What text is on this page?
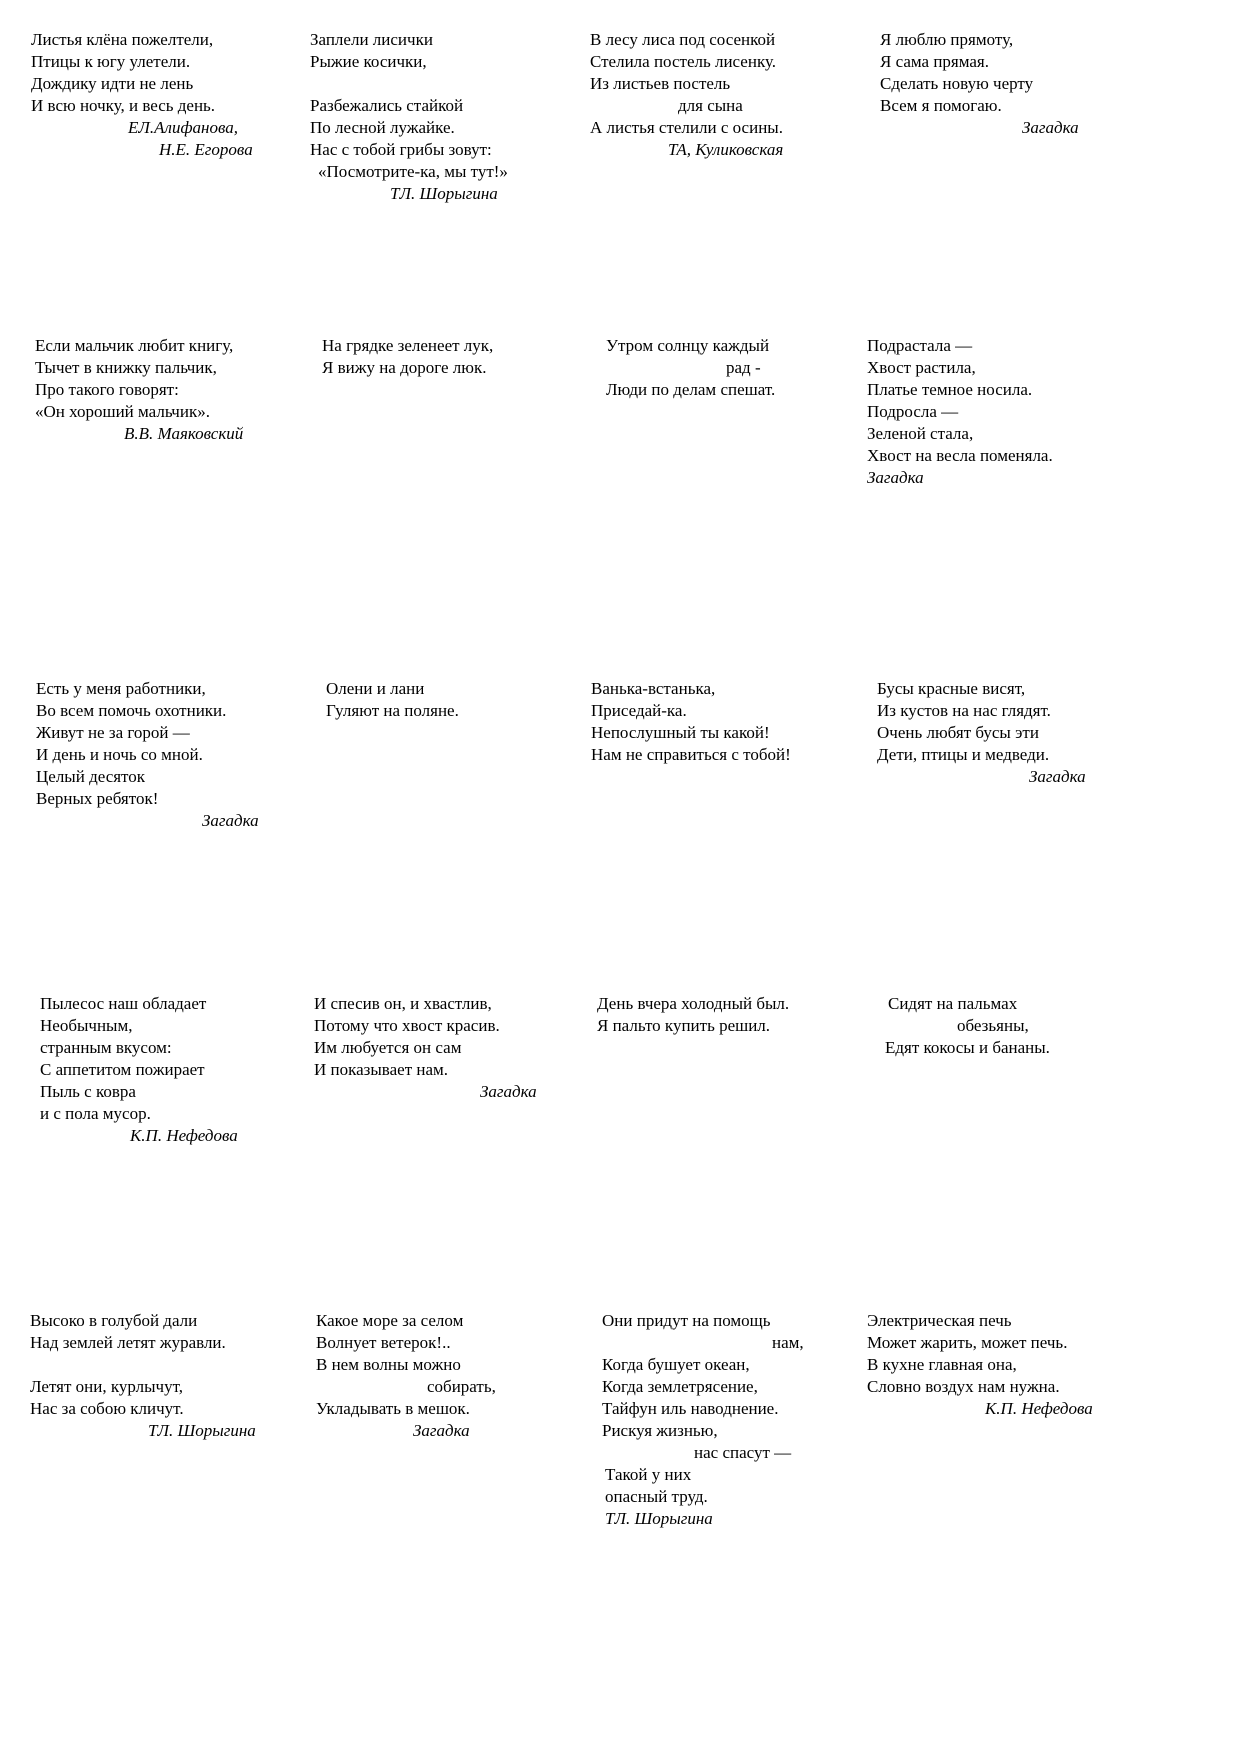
Листья клёна пожелтели,
Птицы к югу улетели.
Дождику идти не лень
И всю ночку, и весь день.
ЕЛ.Алифанова,
Н.Е. Егорова
Заплели лисички
Рыжие косички,
Разбежались стайкой
По лесной лужайке.
Нас с тобой грибы зовут:
«Посмотрите-ка, мы тут!»
ТЛ. Шорыгина
В лесу лиса под сосенкой
Стелила постель лисенку.
Из листьев постель
для сына
А листья стелили с осины.
ТА, Куликовская
Я люблю прямоту,
Я сама прямая.
Сделать новую черту
Всем я помогаю.
Загадка
Если мальчик любит книгу,
Тычет в книжку пальчик,
Про такого говорят:
«Он хороший мальчик».
В.В. Маяковский
На грядке зеленеет лук,
Я вижу на дороге люк.
Утром солнцу каждый
рад -
Люди по делам спешат.
Подрастала —
Хвост растила,
Платье темное носила.
Подросла —
Зеленой стала,
Хвост на весла поменяла.
Загадка
Есть у меня работники,
Во всем помочь охотники.
Живут не за горой —
И день и ночь со мной.
Целый десяток
Верных ребяток!
Загадка
Олени и лани
Гуляют на поляне.
Ванька-встанька,
Приседай-ка.
Непослушный ты какой!
Нам не справиться с тобой!
Бусы красные висят,
Из кустов на нас глядят.
Очень любят бусы эти
Дети, птицы и медведи.
Загадка
Пылесос наш обладает
Необычным,
странным вкусом:
С аппетитом пожирает
Пыль с ковра
и с пола мусор.
К.П. Нефедова
И спесив он, и хвастлив,
Потому что хвост красив.
Им любуется он сам
И показывает нам.
Загадка
День вчера холодный был.
Я пальто купить решил.
Сидят на пальмах
обезьяны,
Едят кокосы и бананы.
Высоко в голубой дали
Над землей летят журавли.
Летят они, курлычут,
Нас за собою кличут.
ТЛ. Шорыгина
Какое море за селом
Волнует ветерок!..
В нем волны можно
собирать,
Укладывать в мешок.
Загадка
Они придут на помощь
нам,
Когда бушует океан,
Когда землетрясение,
Тайфун иль наводнение.
Рискуя жизнью,
нас спасут —
Такой у них
опасный труд.
ТЛ. Шорыгина
Электрическая печь
Может жарить, может печь.
В кухне главная она,
Словно воздух нам нужна.
К.П. Нефедова
